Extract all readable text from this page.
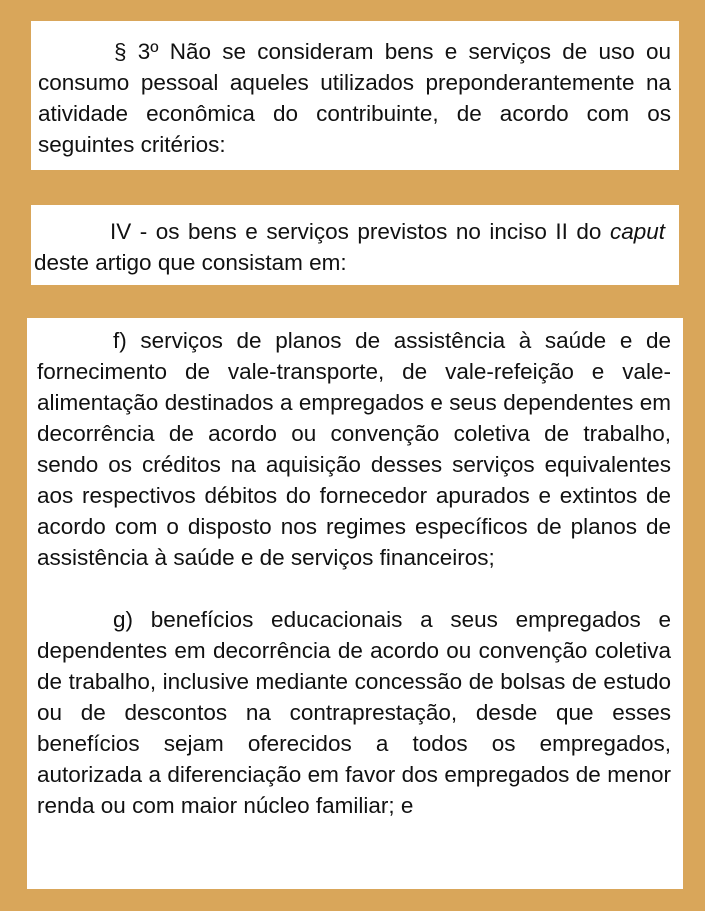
§ 3º Não se consideram bens e serviços de uso ou consumo pessoal aqueles utilizados preponderantemente na atividade econômica do contribuinte, de acordo com os seguintes critérios:

IV - os bens e serviços previstos no inciso II do caput deste artigo que consistam em:

f) serviços de planos de assistência à saúde e de fornecimento de vale-transporte, de vale-refeição e vale-alimentação destinados a empregados e seus dependentes em decorrência de acordo ou convenção coletiva de trabalho, sendo os créditos na aquisição desses serviços equivalentes aos respectivos débitos do fornecedor apurados e extintos de acordo com o disposto nos regimes específicos de planos de assistência à saúde e de serviços financeiros;

g) benefícios educacionais a seus empregados e dependentes em decorrência de acordo ou convenção coletiva de trabalho, inclusive mediante concessão de bolsas de estudo ou de descontos na contraprestação, desde que esses benefícios sejam oferecidos a todos os empregados, autorizada a diferenciação em favor dos empregados de menor renda ou com maior núcleo familiar; e
